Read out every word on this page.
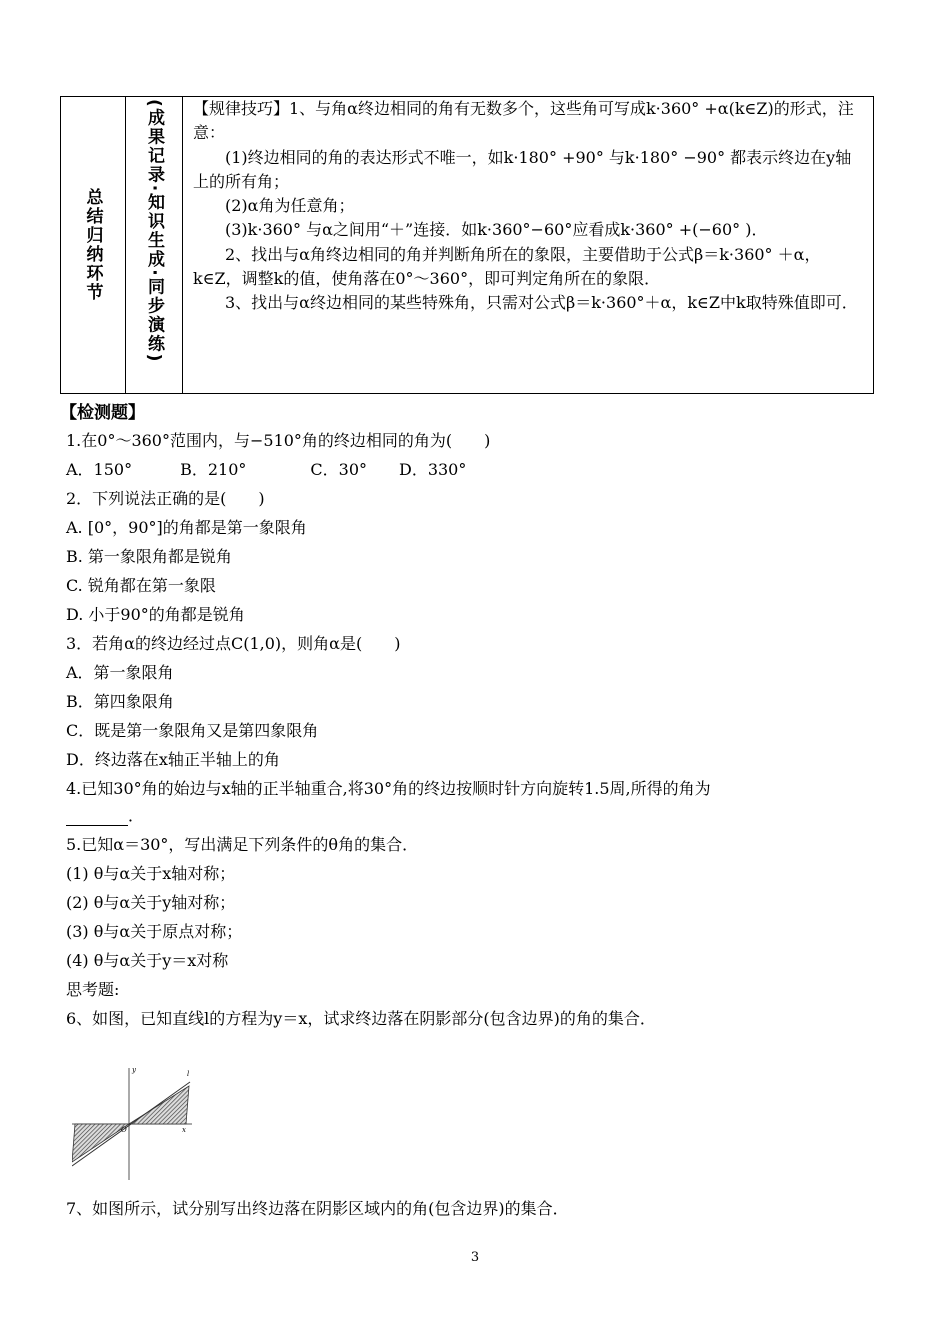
总结归纳环节	(成果记录·知识生成·同步演练)	【规律技巧】1、与角α终边相同的角有无数多个，这些角可写成k·360° +α(k∈Z)的形式，注意：

(1)终边相同的角的表达形式不唯一，如k·180° +90° 与k·180° −90° 都表示终边在y轴上的所有角；

(2)α角为任意角；

(3)k·360° 与α之间用“＋”连接．如k·360°−60°应看成k·360° +(−60° )．

2、找出与α角终边相同的角并判断角所在的象限，主要借助于公式β＝k·360° ＋α，k∈Z，调整k的值，使角落在0°～360°，即可判定角所在的象限．

3、找出与α终边相同的某些特殊角，只需对公式β＝k·360°＋α，k∈Z中k取特殊值即可．

【检测题】
1.在0°～360°范围内，与−510°角的终边相同的角为(　　)
A．150°　　　B．210°　　　　C．30°　　D．330°
2．下列说法正确的是(　　)
A. [0°，90°]的角都是第一象限角
B. 第一象限角都是锐角
C. 锐角都在第一象限
D. 小于90°的角都是锐角
3．若角α的终边经过点C(1,0)，则角α是(　　)
A．第一象限角
B．第四象限角
C．既是第一象限角又是第四象限角
D．终边落在x轴正半轴上的角
4.已知30°角的始边与x轴的正半轴重合,将30°角的终边按顺时针方向旋转1.5周,所得的角为
．
5.已知α＝30°，写出满足下列条件的θ角的集合．
(1) θ与α关于x轴对称；
(2) θ与α关于y轴对称；
(3) θ与α关于原点对称；
(4) θ与α关于y＝x对称
思考题:
6、如图，已知直线l的方程为y＝x，试求终边落在阴影部分(包含边界)的角的集合．
y	l
O	x
7、如图所示，试分别写出终边落在阴影区域内的角(包含边界)的集合．
3
